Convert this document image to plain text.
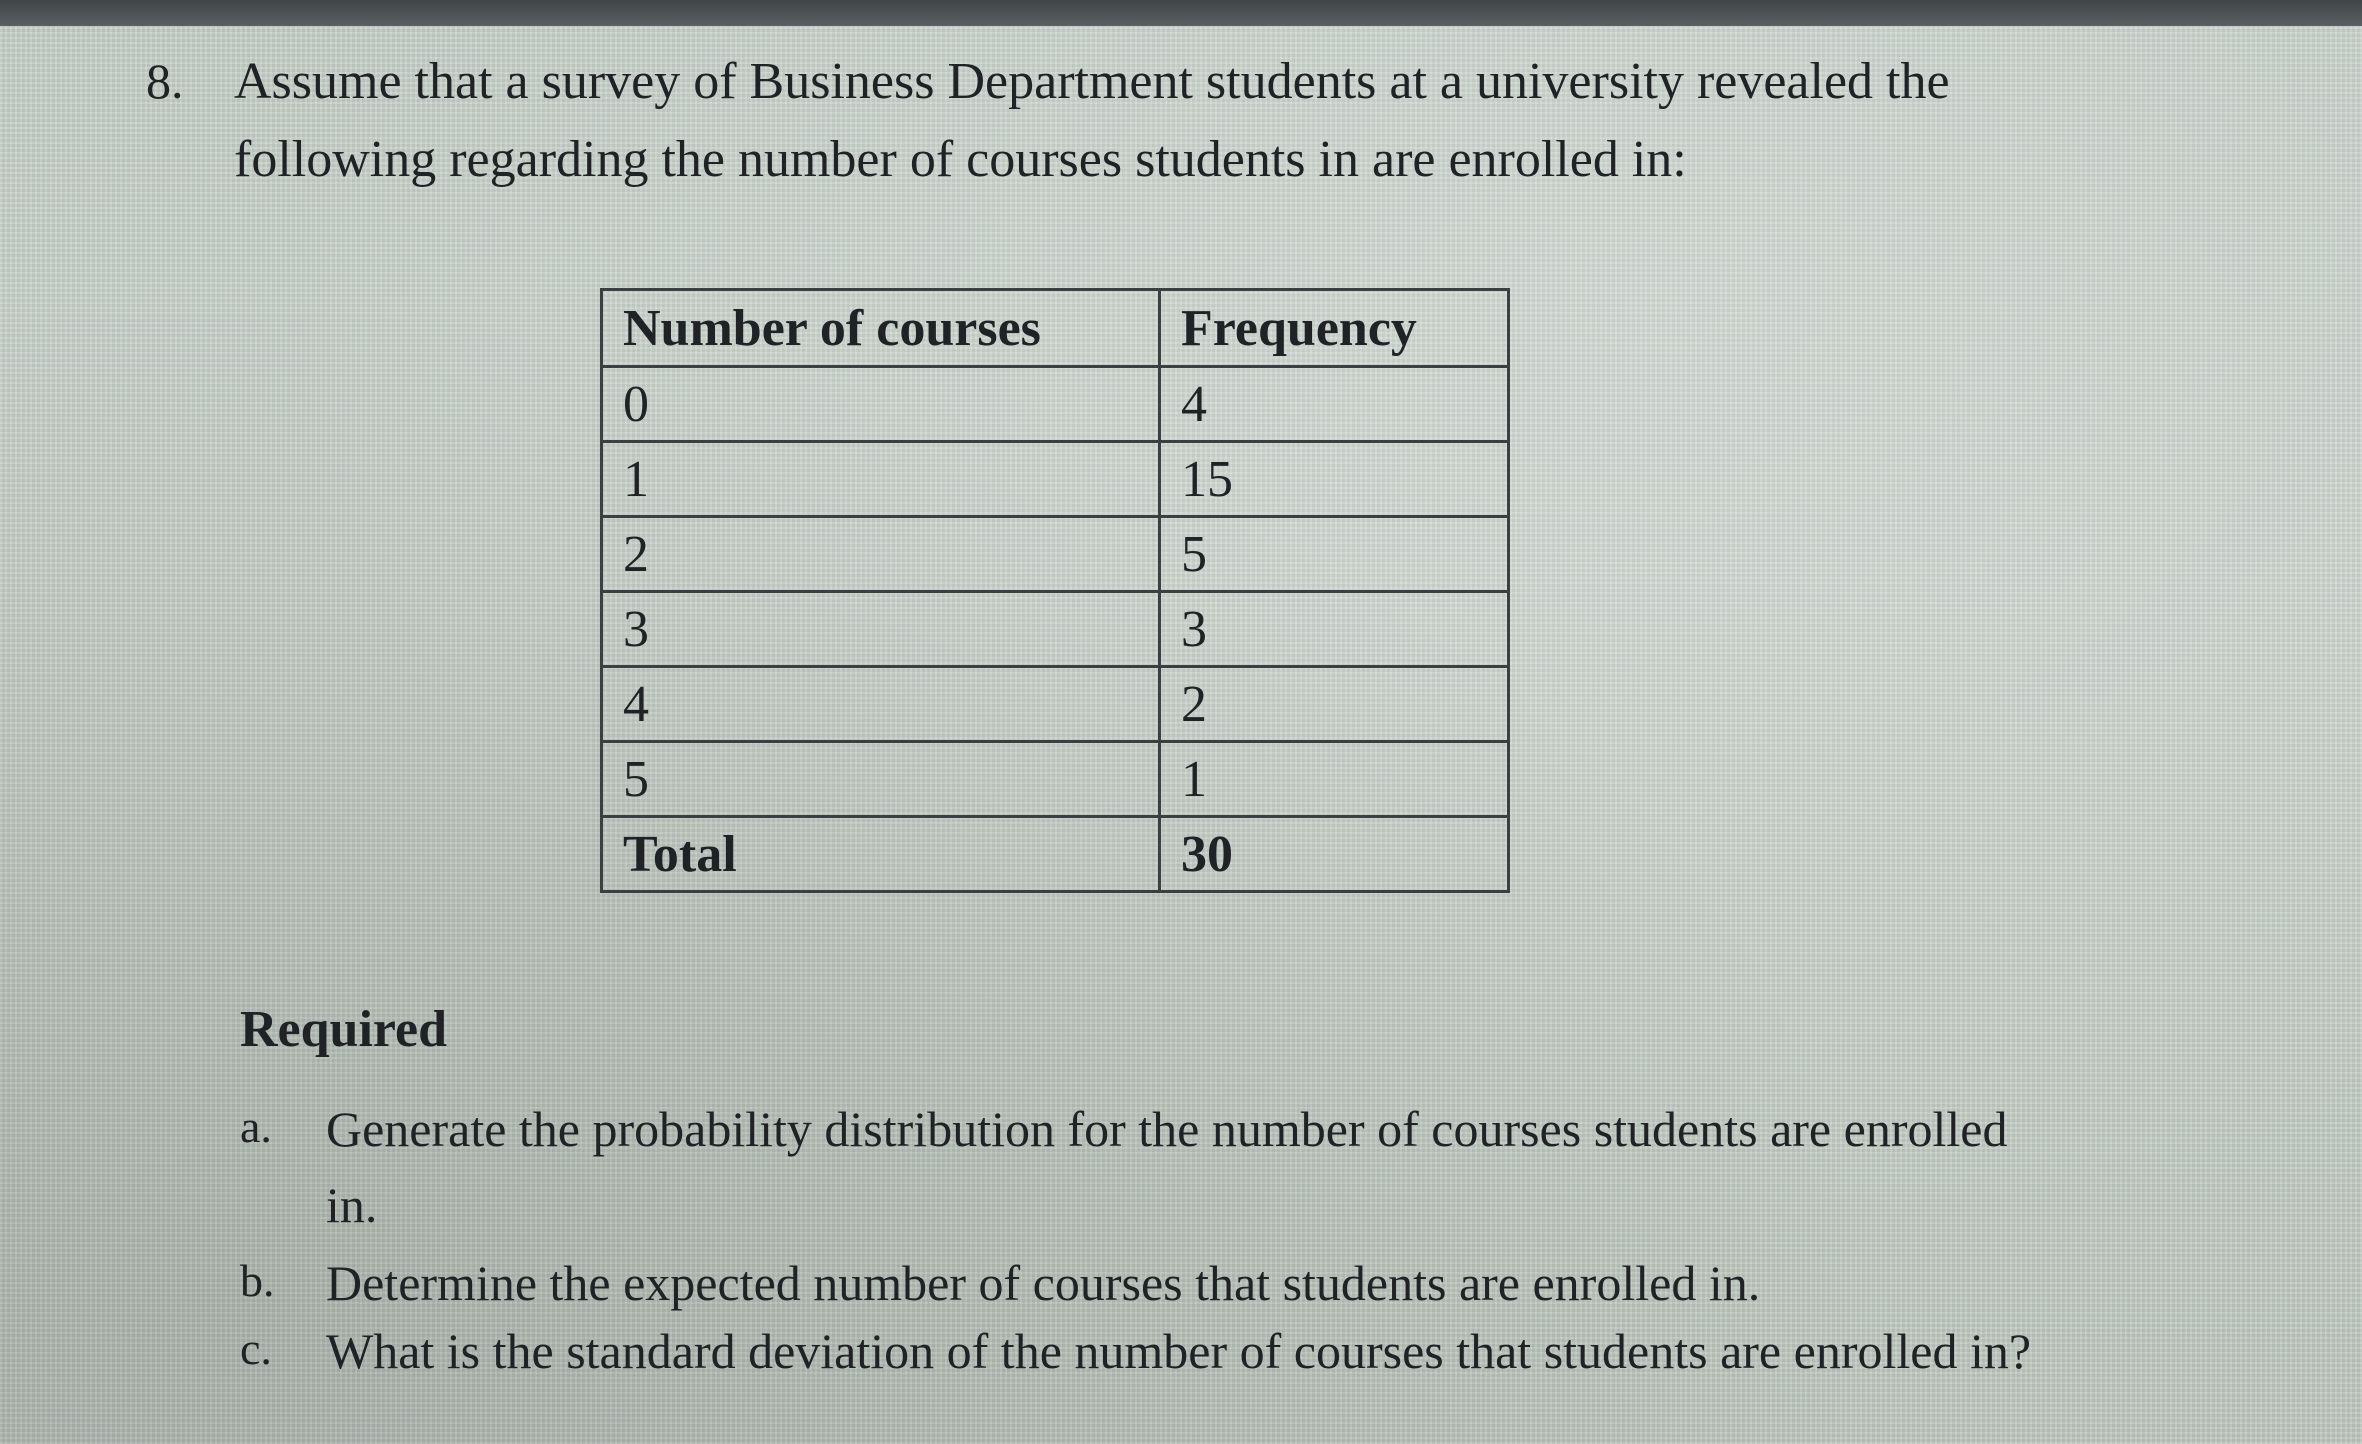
8. Assume that a survey of Business Department students at a university revealed the
following regarding the number of courses students in are enrolled in:
Number of courses	Frequency
0	4
1	15
2	5
3	3
4	2
5	1
Total	30
Required
a. Generate the probability distribution for the number of courses students are enrolled
in.
b. Determine the expected number of courses that students are enrolled in.
c. What is the standard deviation of the number of courses that students are enrolled in?
